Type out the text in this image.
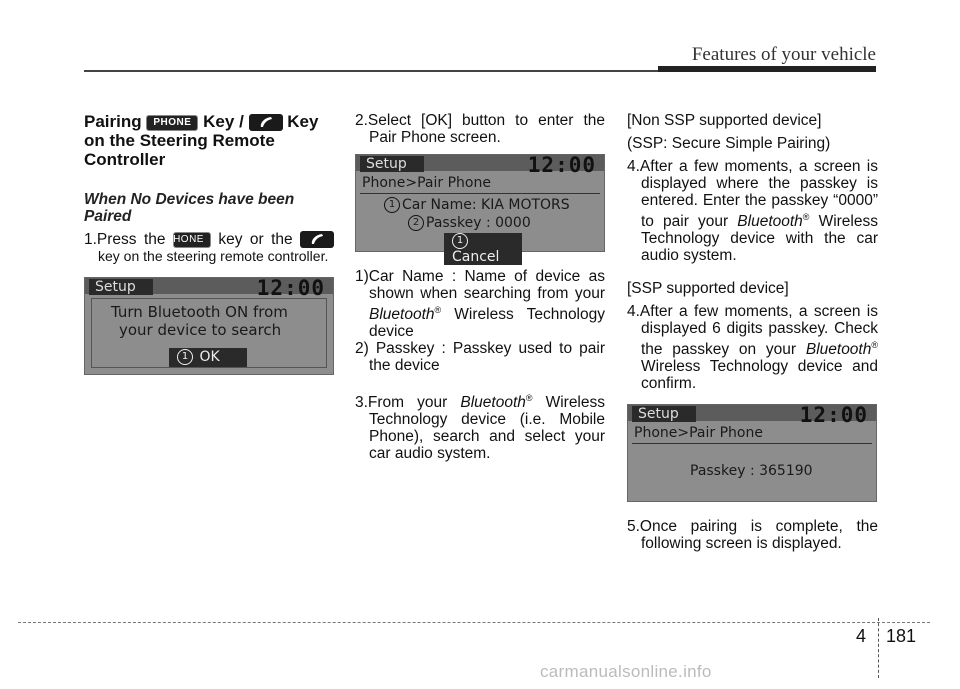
Features of your vehicle
Pairing PHONE Key /	Key
on the Steering Remote
Controller
When No Devices have been Paired
1.Press the PHONE key or the
key on the steering remote controller.
Setup	12:00
Turn Bluetooth ON from
your device to search
1 OK
2.Select [OK] button to enter the Pair Phone screen.
Setup	12:00
Phone>Pair Phone
1 Car Name: KIA MOTORS
2 Passkey : 0000
1Cancel
1)Car Name : Name of device as shown when searching from your Bluetooth® Wireless Technology device
2) Passkey : Passkey used to pair the device
3.From your Bluetooth® Wireless Technology device (i.e. Mobile Phone), search and select your car audio system.
[Non SSP supported device]
(SSP: Secure Simple Pairing)
4.After a few moments, a screen is displayed where the passkey is entered. Enter the passkey “0000” to pair your Bluetooth® Wireless Technology device with the car audio system.
[SSP supported device]
4.After a few moments, a screen is displayed 6 digits passkey. Check the passkey on your Bluetooth® Wireless Technology device and confirm.
Setup	12:00
Phone>Pair Phone
Passkey : 365190
5.Once pairing is complete, the following screen is displayed.
4 181
carmanualsonline.info
